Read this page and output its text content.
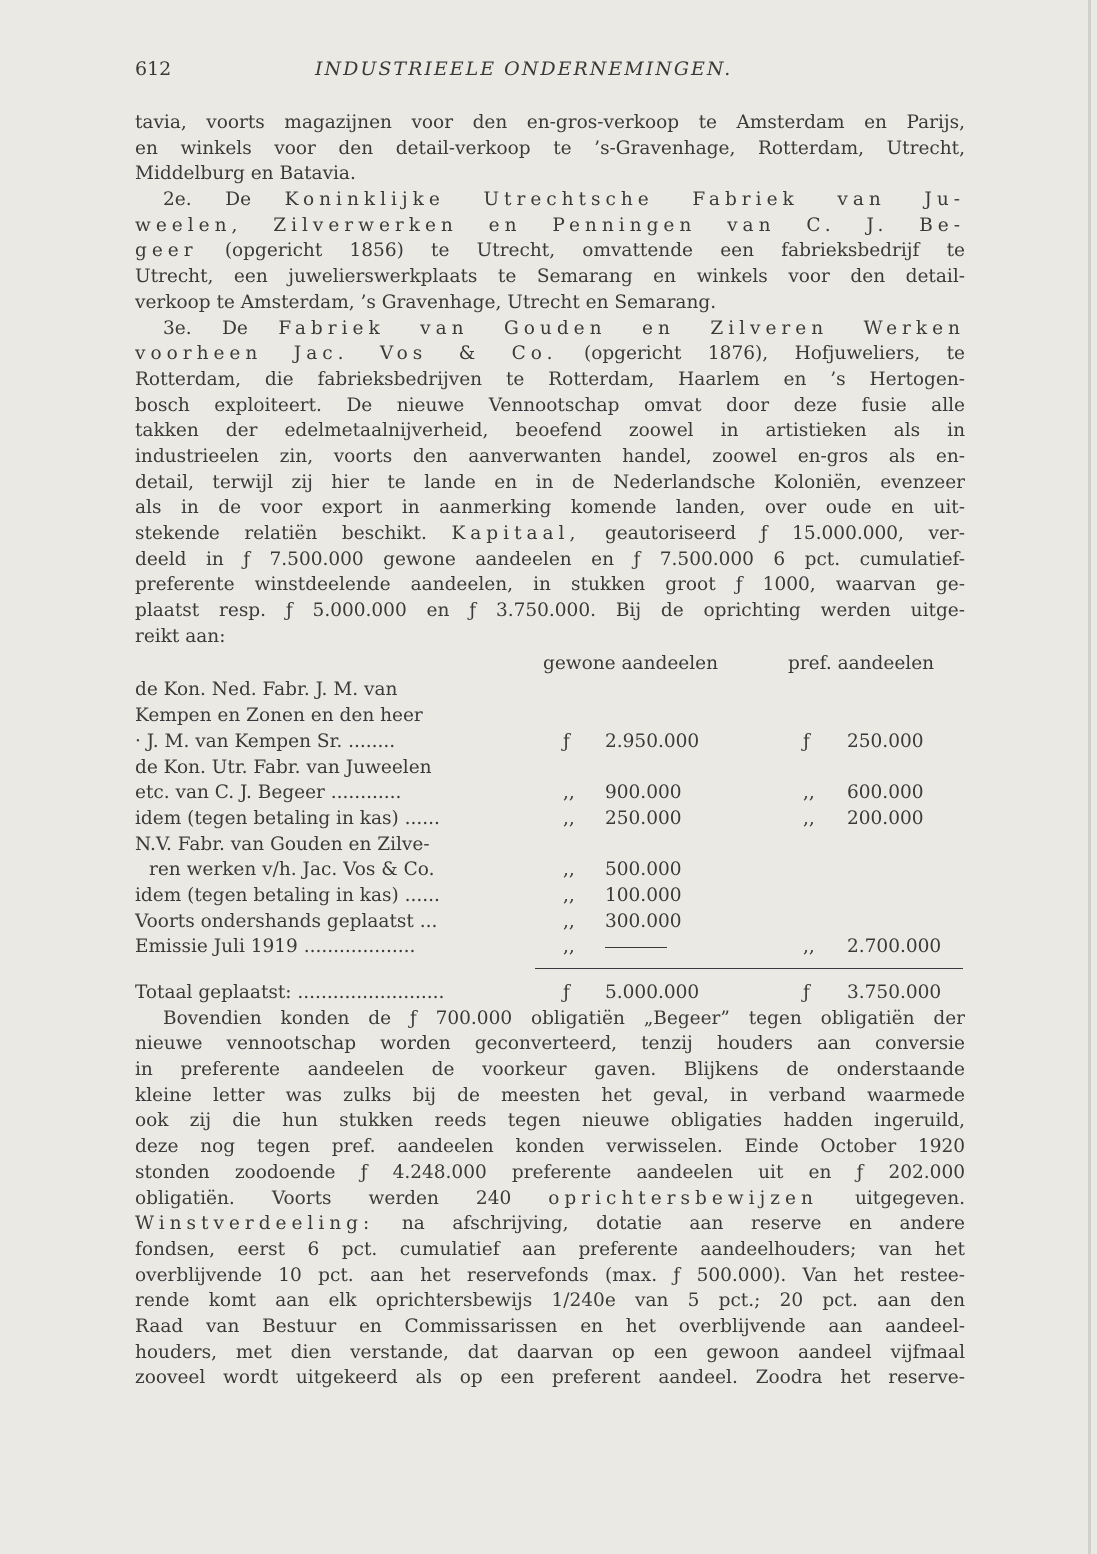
612	INDUSTRIEELE ONDERNEMINGEN.
tavia, voorts magazijnen voor den en-gros-verkoop te Amsterdam en Parijs,
en winkels voor den detail-verkoop te ’s-Gravenhage, Rotterdam, Utrecht,
Middelburg en Batavia.
2e. De Koninklijke Utrechtsche Fabriek van Ju-
weelen, Zilverwerken en Penningen van C. J. Be-
geer (opgericht 1856) te Utrecht, omvattende een fabrieksbedrijf te
Utrecht, een juwelierswerkplaats te Semarang en winkels voor den detail-
verkoop te Amsterdam, ’s Gravenhage, Utrecht en Semarang.
3e. De Fabriek van Gouden en Zilveren Werken
voorheen Jac. Vos & Co. (opgericht 1876), Hofjuweliers, te
Rotterdam, die fabrieksbedrijven te Rotterdam, Haarlem en ’s Hertogen-
bosch exploiteert. De nieuwe Vennootschap omvat door deze fusie alle
takken der edelmetaalnijverheid, beoefend zoowel in artistieken als in
industrieelen zin, voorts den aanverwanten handel, zoowel en-gros als en-
detail, terwijl zij hier te lande en in de Nederlandsche Koloniën, evenzeer
als in de voor export in aanmerking komende landen, over oude en uit-
stekende relatiën beschikt. Kapitaal, geautoriseerd ƒ 15.000.000, ver-
deeld in ƒ 7.500.000 gewone aandeelen en ƒ 7.500.000 6 pct. cumulatief-
preferente winstdeelende aandeelen, in stukken groot ƒ 1000, waarvan ge-
plaatst resp. ƒ 5.000.000 en ƒ 3.750.000. Bij de oprichting werden uitge-
reikt aan:
gewone aandeelen	pref. aandeelen
de Kon. Ned. Fabr. J. M. van
Kempen en Zonen en den heer
· J. M. van Kempen Sr. ........	ƒ 2.950.000	ƒ 250.000
de Kon. Utr. Fabr. van Juweelen
etc. van C. J. Begeer ............	,, 900.000	,, 600.000
idem (tegen betaling in kas) ......	,, 250.000	,, 200.000
N.V. Fabr. van Gouden en Zilve-
ren werken v/h. Jac. Vos & Co.	,, 500.000
idem (tegen betaling in kas) ......	,, 100.000
Voorts ondershands geplaatst ...	,, 300.000
Emissie Juli 1919 ...................	,,	,, 2.700.000
Totaal geplaatst: .........................	ƒ 5.000.000	ƒ 3.750.000
Bovendien konden de ƒ 700.000 obligatiën „Begeer” tegen obligatiën der
nieuwe vennootschap worden geconverteerd, tenzij houders aan conversie
in preferente aandeelen de voorkeur gaven. Blijkens de onderstaande
kleine letter was zulks bij de meesten het geval, in verband waarmede
ook zij die hun stukken reeds tegen nieuwe obligaties hadden ingeruild,
deze nog tegen pref. aandeelen konden verwisselen. Einde October 1920
stonden zoodoende ƒ 4.248.000 preferente aandeelen uit en ƒ 202.000
obligatiën. Voorts werden 240 oprichtersbewijzen uitgegeven.
Winstverdeeling: na afschrijving, dotatie aan reserve en andere
fondsen, eerst 6 pct. cumulatief aan preferente aandeelhouders; van het
overblijvende 10 pct. aan het reservefonds (max. ƒ 500.000). Van het restee-
rende komt aan elk oprichtersbewijs 1/240e van 5 pct.; 20 pct. aan den
Raad van Bestuur en Commissarissen en het overblijvende aan aandeel-
houders, met dien verstande, dat daarvan op een gewoon aandeel vijfmaal
zooveel wordt uitgekeerd als op een preferent aandeel. Zoodra het reserve-
